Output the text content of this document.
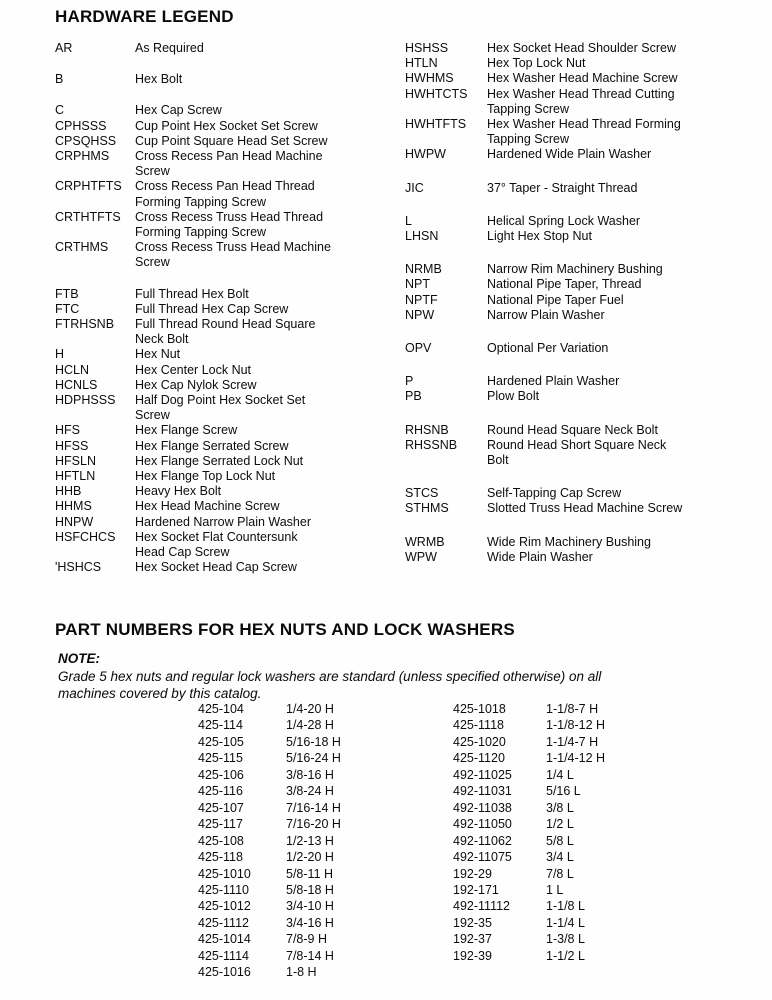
HARDWARE LEGEND
AR	As Required
B	Hex Bolt
C	Hex Cap Screw
CPHSSS	Cup Point Hex Socket Set Screw
CPSQHSS	Cup Point Square Head Set Screw
CRPHMS	Cross Recess Pan Head Machine
Screw
CRPHTFTS	Cross Recess Pan Head Thread
Forming Tapping Screw
CRTHTFTS	Cross Recess Truss Head Thread
Forming Tapping Screw
CRTHMS	Cross Recess Truss Head Machine
Screw
FTB	Full Thread Hex Bolt
FTC	Full Thread Hex Cap Screw
FTRHSNB	Full Thread Round Head Square
Neck Bolt
H	Hex Nut
HCLN	Hex Center Lock Nut
HCNLS	Hex Cap Nylok Screw
HDPHSSS	Half Dog Point Hex Socket Set
Screw
HFS	Hex Flange Screw
HFSS	Hex Flange Serrated Screw
HFSLN	Hex Flange Serrated Lock Nut
HFTLN	Hex Flange Top Lock Nut
HHB	Heavy Hex Bolt
HHMS	Hex Head Machine Screw
HNPW	Hardened Narrow Plain Washer
HSFCHCS	Hex Socket Flat Countersunk
Head Cap Screw
'HSHCS	Hex Socket Head Cap Screw
HSHSS	Hex Socket Head Shoulder Screw
HTLN	Hex Top Lock Nut
HWHMS	Hex Washer Head Machine Screw
HWHTCTS	Hex Washer Head Thread Cutting
Tapping Screw
HWHTFTS	Hex Washer Head Thread Forming
Tapping Screw
HWPW	Hardened Wide Plain Washer
JIC	37° Taper - Straight Thread
L	Helical Spring Lock Washer
LHSN	Light Hex Stop Nut
NRMB	Narrow Rim Machinery Bushing
NPT	National Pipe Taper, Thread
NPTF	National Pipe Taper Fuel
NPW	Narrow Plain Washer
OPV	Optional Per Variation
P	Hardened Plain Washer
PB	Plow Bolt
RHSNB	Round Head Square Neck Bolt
RHSSNB	Round Head Short Square Neck
Bolt
STCS	Self-Tapping Cap Screw
STHMS	Slotted Truss Head Machine Screw
WRMB	Wide Rim Machinery Bushing
WPW	Wide Plain Washer
PART NUMBERS FOR HEX NUTS AND LOCK WASHERS
NOTE:
Grade 5 hex nuts and regular lock washers are standard (unless specified otherwise) on all
machines covered by this catalog.
425-104	1/4-20 H
425-114	1/4-28 H
425-105	5/16-18 H
425-115	5/16-24 H
425-106	3/8-16 H
425-116	3/8-24 H
425-107	7/16-14 H
425-117	7/16-20 H
425-108	1/2-13 H
425-118	1/2-20 H
425-1010	5/8-11 H
425-1110	5/8-18 H
425-1012	3/4-10 H
425-1112	3/4-16 H
425-1014	7/8-9 H
425-1114	7/8-14 H
425-1016	1-8 H
425-1018	1-1/8-7 H
425-1118	1-1/8-12 H
425-1020	1-1/4-7 H
425-1120	1-1/4-12 H
492-11025	1/4 L
492-11031	5/16 L
492-11038	3/8 L
492-11050	1/2 L
492-11062	5/8 L
492-11075	3/4 L
192-29	7/8 L
192-171	1 L
492-11112	1-1/8 L
192-35	1-1/4 L
192-37	1-3/8 L
192-39	1-1/2 L
